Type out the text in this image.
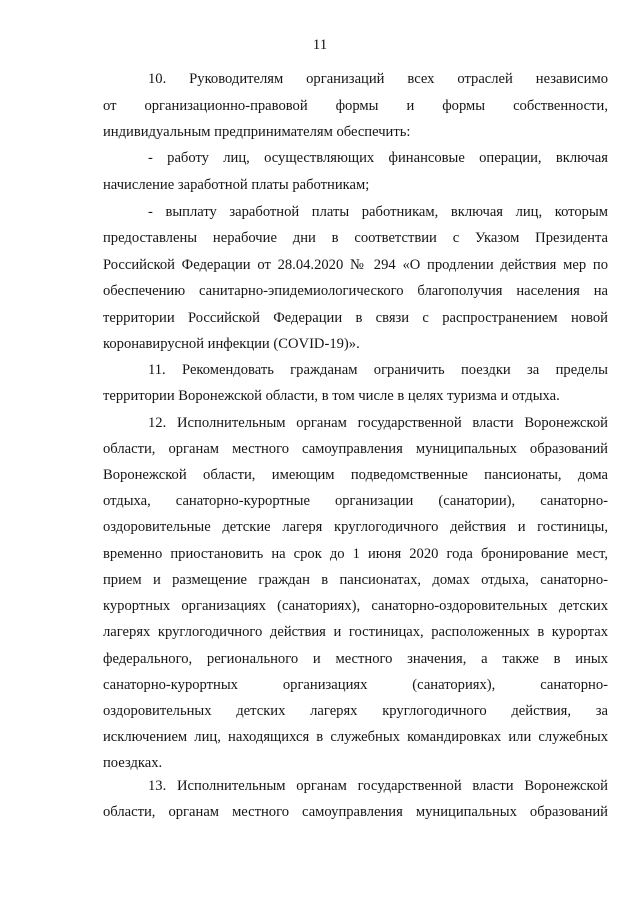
11
10. Руководителям организаций всех отраслей независимо
от организационно-правовой формы и формы собственности,
индивидуальным предпринимателям обеспечить:
- работу лиц, осуществляющих финансовые операции, включая
начисление заработной платы работникам;
- выплату заработной платы работникам, включая лиц, которым
предоставлены нерабочие дни в соответствии с Указом Президента
Российской Федерации от 28.04.2020 № 294 «О продлении действия мер по
обеспечению санитарно-эпидемиологического благополучия населения на
территории Российской Федерации в связи с распространением новой
коронавирусной инфекции (COVID-19)».
11. Рекомендовать гражданам ограничить поездки за пределы
территории Воронежской области, в том числе в целях туризма и отдыха.
12. Исполнительным органам государственной власти Воронежской
области, органам местного самоуправления муниципальных образований
Воронежской области, имеющим подведомственные пансионаты, дома
отдыха, санаторно-курортные организации (санатории), санаторно-
оздоровительные детские лагеря круглогодичного действия и гостиницы,
временно приостановить на срок до 1 июня 2020 года бронирование мест,
прием и размещение граждан в пансионатах, домах отдыха, санаторно-
курортных организациях (санаториях), санаторно-оздоровительных детских
лагерях круглогодичного действия и гостиницах, расположенных в курортах
федерального, регионального и местного значения, а также в иных
санаторно-курортных организациях (санаториях), санаторно-
оздоровительных детских лагерях круглогодичного действия, за
исключением лиц, находящихся в служебных командировках или служебных
поездках.
13. Исполнительным органам государственной власти Воронежской
области, органам местного самоуправления муниципальных образований
